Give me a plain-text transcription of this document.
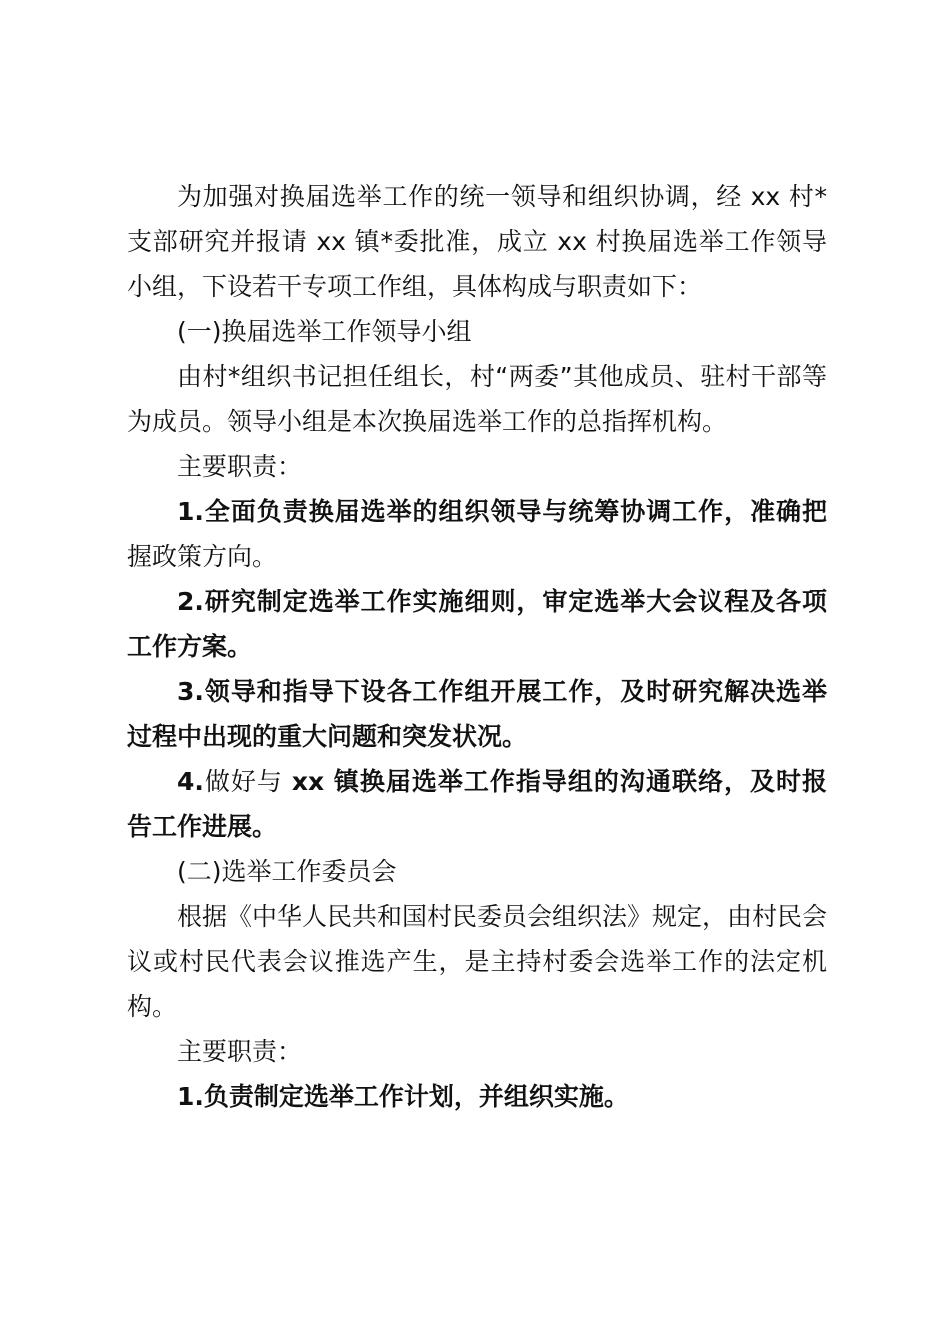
为加强对换届选举工作的统一领导和组织协调，经 xx 村*支部研究并报请 xx 镇*委批准，成立 xx 村换届选举工作领导小组，下设若干专项工作组，具体构成与职责如下：

(一)换届选举工作领导小组

由村*组织书记担任组长，村“两委”其他成员、驻村干部等为成员。领导小组是本次换届选举工作的总指挥机构。

主要职责：

1.全面负责换届选举的组织领导与统筹协调工作，准确把握政策方向。

2.研究制定选举工作实施细则，审定选举大会议程及各项工作方案。

3.领导和指导下设各工作组开展工作，及时研究解决选举过程中出现的重大问题和突发状况。

4.做好与 xx 镇换届选举工作指导组的沟通联络，及时报告工作进展。

(二)选举工作委员会

根据《中华人民共和国村民委员会组织法》规定，由村民会议或村民代表会议推选产生，是主持村委会选举工作的法定机构。

主要职责：

1.负责制定选举工作计划，并组织实施。
